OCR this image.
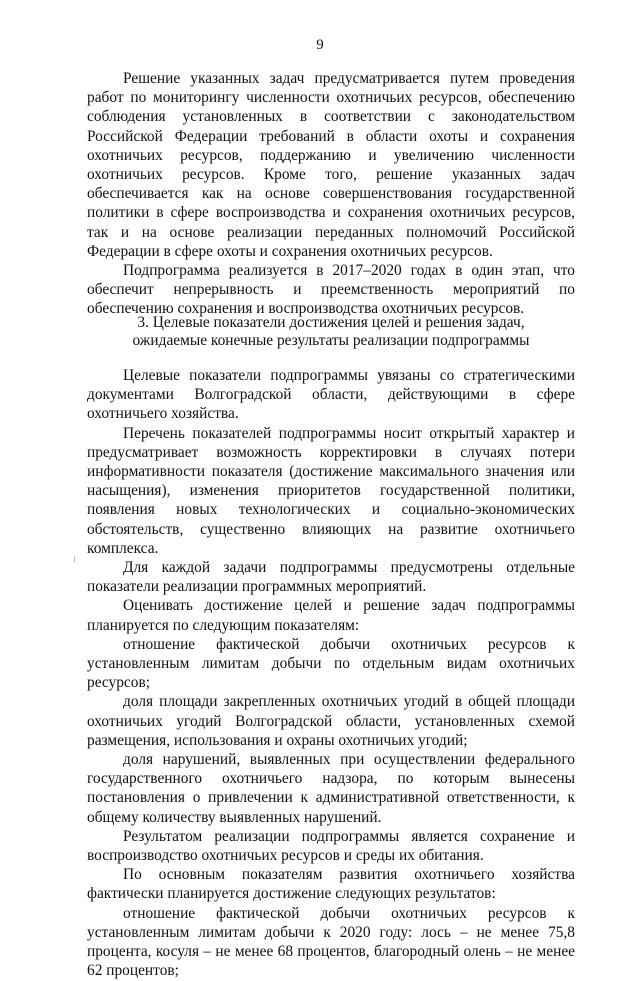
9

Решение указанных задач предусматривается путем проведения работ по мониторингу численности охотничьих ресурсов, обеспечению соблюдения установленных в соответствии с законодательством Российской Федерации требований в области охоты и сохранения охотничьих ресурсов, поддержанию и увеличению численности охотничьих ресурсов. Кроме того, решение указанных задач обеспечивается как на основе совершенствования государственной политики в сфере воспроизводства и сохранения охотничьих ресурсов, так и на основе реализации переданных полномочий Российской Федерации в сфере охоты и сохранения охотничьих ресурсов.

Подпрограмма реализуется в 2017–2020 годах в один этап, что обеспечит непрерывность и преемственность мероприятий по обеспечению сохранения и воспроизводства охотничьих ресурсов.

3. Целевые показатели достижения целей и решения задач,
ожидаемые конечные результаты реализации подпрограммы

Целевые показатели подпрограммы увязаны со стратегическими документами Волгоградской области, действующими в сфере охотничьего хозяйства.

Перечень показателей подпрограммы носит открытый характер и предусматривает возможность корректировки в случаях потери информативности показателя (достижение максимального значения или насыщения), изменения приоритетов государственной политики, появления новых технологических и социально-экономических обстоятельств, существенно влияющих на развитие охотничьего комплекса.

Для каждой задачи подпрограммы предусмотрены отдельные показатели реализации программных мероприятий.

Оценивать достижение целей и решение задач подпрограммы планируется по следующим показателям:

отношение фактической добычи охотничьих ресурсов к установленным лимитам добычи по отдельным видам охотничьих ресурсов;

доля площади закрепленных охотничьих угодий в общей площади охотничьих угодий Волгоградской области, установленных схемой размещения, использования и охраны охотничьих угодий;

доля нарушений, выявленных при осуществлении федерального государственного охотничьего надзора, по которым вынесены постановления о привлечении к административной ответственности, к общему количеству выявленных нарушений.

Результатом реализации подпрограммы является сохранение и воспроизводство охотничьих ресурсов и среды их обитания.

По основным показателям развития охотничьего хозяйства фактически планируется достижение следующих результатов:

отношение фактической добычи охотничьих ресурсов к установленным лимитам добычи к 2020 году: лось – не менее 75,8 процента, косуля – не менее 68 процентов, благородный олень – не менее 62 процентов;
